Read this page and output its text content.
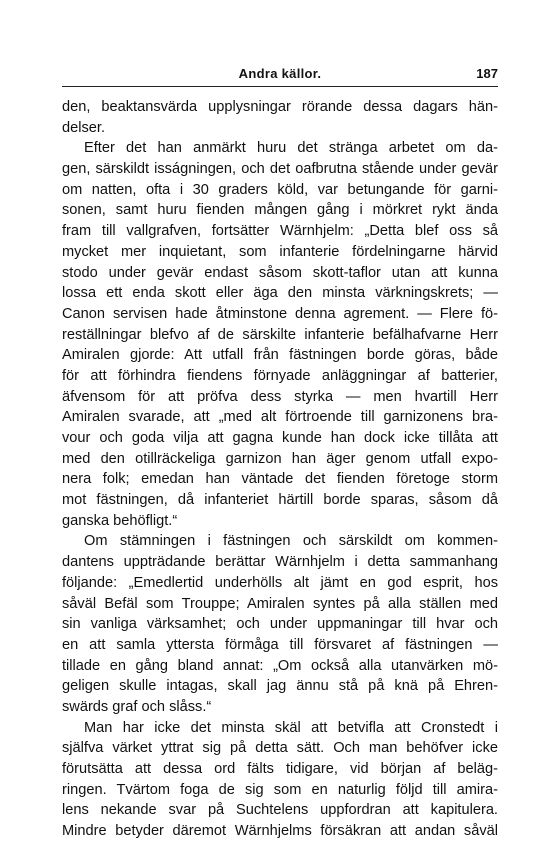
Andra källor.	187
den, beaktansvärda upplysningar rörande dessa dagars hän-
delser.
Efter det han anmärkt huru det stränga arbetet om da-
gen, särskildt isságningen, och det oafbrutna stående under gevär
om natten, ofta i 30 graders köld, var betungande för garni-
sonen, samt huru fienden mången gång i mörkret rykt ända
fram till vallgrafven, fortsätter Wärnhjelm: „Detta blef oss så
mycket mer inquietant, som infanterie fördelningarne härvid
stodo under gevär endast såsom skott-taflor utan att kunna
lossa ett enda skott eller äga den minsta värkningskrets; —
Canon servisen hade åtminstone denna agrement. — Flere fö-
reställningar blefvo af de särskilte infanterie befälhafvarne Herr
Amiralen gjorde: Att utfall från fästningen borde göras, både
för att förhindra fiendens förnyade anläggningar af batterier,
äfvensom för att pröfva dess styrka — men hvartill Herr
Amiralen svarade, att „med alt förtroende till garnizonens bra-
vour och goda vilja att gagna kunde han dock icke tillåta att
med den otillräckeliga garnizon han äger genom utfall expo-
nera folk; emedan han väntade det fienden företoge storm
mot fästningen, då infanteriet härtill borde sparas, såsom då
ganska behöfligt.“
Om stämningen i fästningen och särskildt om kommen-
dantens uppträdande berättar Wärnhjelm i detta sammanhang
följande: „Emedlertid underhölls alt jämt en god esprit, hos
såväl Befäl som Trouppe; Amiralen syntes på alla ställen med
sin vanliga värksamhet; och under uppmaningar till hvar och
en att samla yttersta förmåga till försvaret af fästningen —
tillade en gång bland annat: „Om också alla utanvärken mö-
geligen skulle intagas, skall jag ännu stå på knä på Ehren-
swärds graf och slåss.“
Man har icke det minsta skäl att betvifla att Cronstedt i
själfva värket yttrat sig på detta sätt. Och man behöfver icke
förutsätta att dessa ord fälts tidigare, vid början af beläg-
ringen. Tvärtom foga de sig som en naturlig följd till amira-
lens nekande svar på Suchtelens uppfordran att kapitulera.
Mindre betyder däremot Wärnhjelms försäkran att andan såväl
